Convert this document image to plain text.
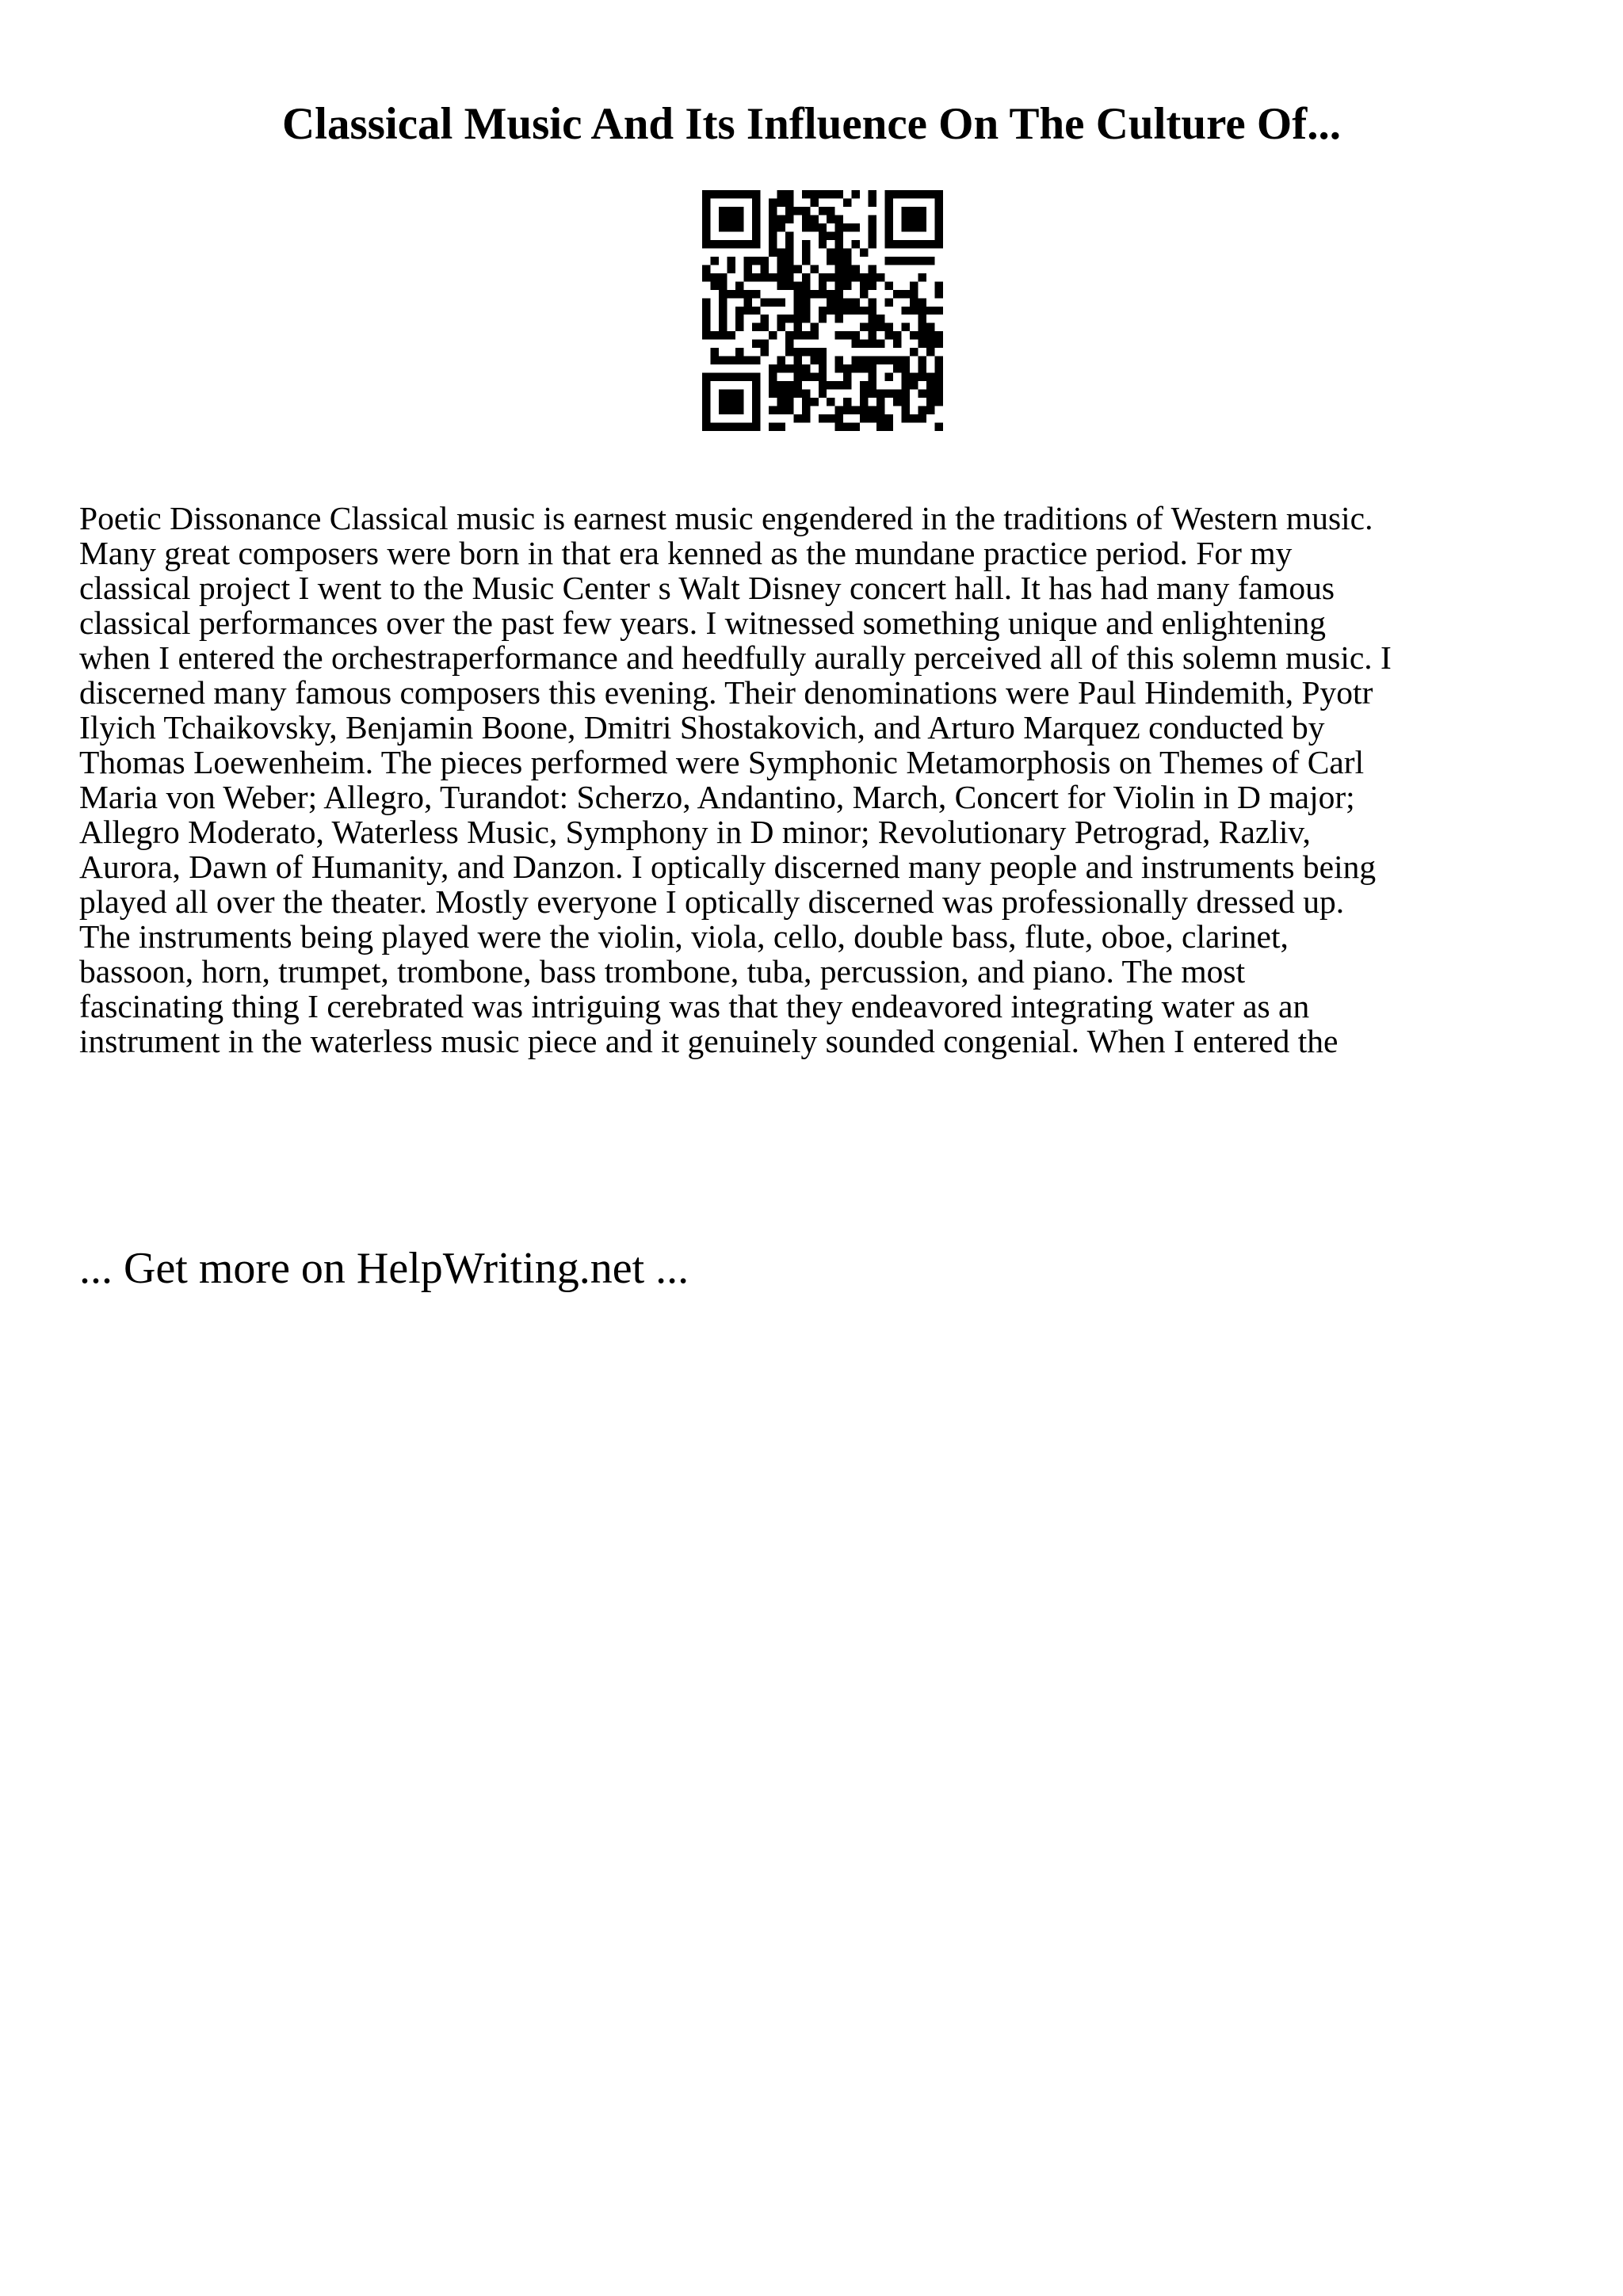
Classical Music And Its Influence On The Culture Of...

Poetic Dissonance Classical music is earnest music engendered in the traditions of Western music.
Many great composers were born in that era kenned as the mundane practice period. For my
classical project I went to the Music Center s Walt Disney concert hall. It has had many famous
classical performances over the past few years. I witnessed something unique and enlightening
when I entered the orchestraperformance and heedfully aurally perceived all of this solemn music. I
discerned many famous composers this evening. Their denominations were Paul Hindemith, Pyotr
Ilyich Tchaikovsky, Benjamin Boone, Dmitri Shostakovich, and Arturo Marquez conducted by
Thomas Loewenheim. The pieces performed were Symphonic Metamorphosis on Themes of Carl
Maria von Weber; Allegro, Turandot: Scherzo, Andantino, March, Concert for Violin in D major;
Allegro Moderato, Waterless Music, Symphony in D minor; Revolutionary Petrograd, Razliv,
Aurora, Dawn of Humanity, and Danzon. I optically discerned many people and instruments being
played all over the theater. Mostly everyone I optically discerned was professionally dressed up.
The instruments being played were the violin, viola, cello, double bass, flute, oboe, clarinet,
bassoon, horn, trumpet, trombone, bass trombone, tuba, percussion, and piano. The most
fascinating thing I cerebrated was intriguing was that they endeavored integrating water as an
instrument in the waterless music piece and it genuinely sounded congenial. When I entered the

... Get more on HelpWriting.net ...
